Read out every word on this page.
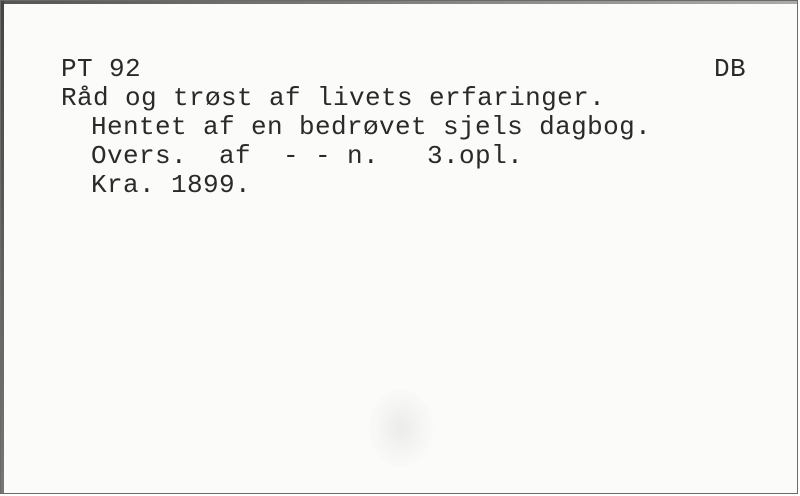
PT 92	DB
Råd og trøst af livets erfaringer.
Hentet af en bedrøvet sjels dagbog.
Overs.  af  - - n.   3.opl.
Kra. 1899.
